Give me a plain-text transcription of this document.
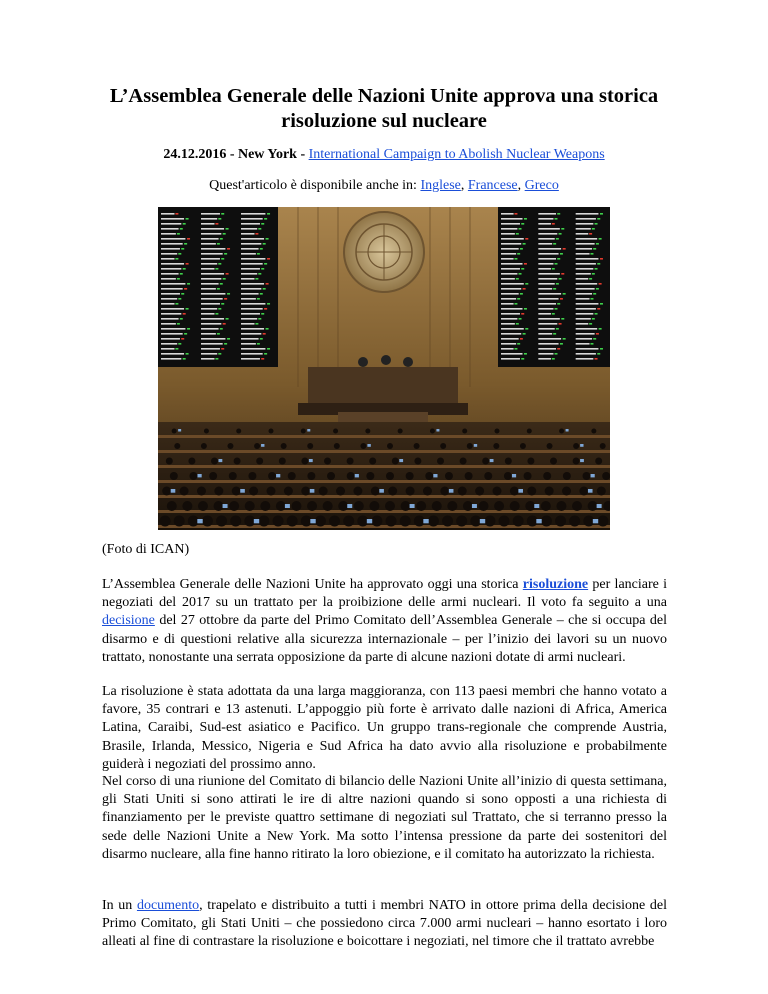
L’Assemblea Generale delle Nazioni Unite approva una storica risoluzione sul nucleare
24.12.2016 - New York - International Campaign to Abolish Nuclear Weapons
Quest'articolo è disponibile anche in: Inglese, Francese, Greco
(Foto di ICAN)

L’Assemblea Generale delle Nazioni Unite ha approvato oggi una storica risoluzione per lanciare i negoziati del 2017 su un trattato per la proibizione delle armi nucleari. Il voto fa seguito a una decisione del 27 ottobre da parte del Primo Comitato dell’Assemblea Generale – che si occupa del disarmo e di questioni relative alla sicurezza internazionale – per l’inizio dei lavori su un nuovo trattato, nonostante una serrata opposizione da parte di alcune nazioni dotate di armi nucleari.

La risoluzione è stata adottata da una larga maggioranza, con 113 paesi membri che hanno votato a favore, 35 contrari e 13 astenuti. L’appoggio più forte è arrivato dalle nazioni di Africa, America Latina, Caraibi, Sud-est asiatico e Pacifico. Un gruppo trans-regionale che comprende Austria, Brasile, Irlanda, Messico, Nigeria e Sud Africa ha dato avvio alla risoluzione e probabilmente guiderà i negoziati del prossimo anno.

Nel corso di una riunione del Comitato di bilancio delle Nazioni Unite all’inizio di questa settimana, gli Stati Uniti si sono attirati le ire di altre nazioni quando si sono opposti a una richiesta di finanziamento per le previste quattro settimane di negoziati sul Trattato, che si terranno presso la sede delle Nazioni Unite a New York. Ma sotto l’intensa pressione da parte dei sostenitori del disarmo nucleare, alla fine hanno ritirato la loro obiezione, e il comitato ha autorizzato la richiesta.

In un documento, trapelato e distribuito a tutti i membri NATO in ottore prima della decisione del Primo Comitato, gli Stati Uniti – che possiedono circa 7.000 armi nucleari – hanno esortato i loro alleati al fine di contrastare la risoluzione e boicottare i negoziati, nel timore che il trattato avrebbe
